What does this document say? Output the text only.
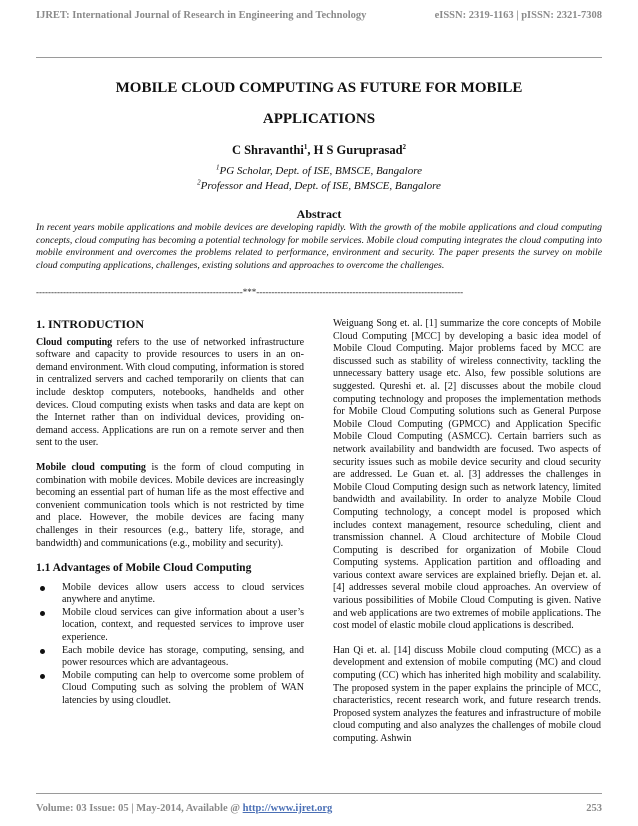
IJRET: International Journal of Research in Engineering and Technology	eISSN: 2319-1163 | pISSN: 2321-7308
MOBILE CLOUD COMPUTING AS FUTURE FOR MOBILE
APPLICATIONS
C Shravanthi$^1$, H S Guruprasad$^2$
$^1$PG Scholar, Dept. of ISE, BMSCE, Bangalore
$^2$Professor and Head, Dept. of ISE, BMSCE, Bangalore
Abstract
In recent years mobile applications and mobile devices are developing rapidly. With the growth of the mobile applications and cloud computing concepts, cloud computing has becoming a potential technology for mobile services. Mobile cloud computing integrates the cloud computing into mobile environment and overcomes the problems related to performance, environment and security. The paper presents the survey on mobile cloud computing applications, challenges, existing solutions and approaches to overcome the challenges.
---------------------------------------------------------------------***---------------------------------------------------------------------
1. INTRODUCTION

Cloud computing refers to the use of networked infrastructure software and capacity to provide resources to users in an on-demand environment. With cloud computing, information is stored in centralized servers and cached temporarily on clients that can include desktop computers, notebooks, handhelds and other devices. Cloud computing exists when tasks and data are kept on the Internet rather than on individual devices, providing on-demand access. Applications are run on a remote server and then sent to the user.

Mobile cloud computing is the form of cloud computing in combination with mobile devices. Mobile devices are increasingly becoming an essential part of human life as the most effective and convenient communication tools which is not restricted by time and place. However, the mobile devices are facing many challenges in their resources (e.g., battery life, storage, and bandwidth) and communications (e.g., mobility and security).

1.1 Advantages of Mobile Cloud Computing
Mobile devices allow users access to cloud services anywhere and anytime.
Mobile cloud services can give information about a user’s location, context, and requested services to improve user experience.
Each mobile device has storage, computing, sensing, and power resources which are advantageous.
Mobile computing can help to overcome some problem of Cloud Computing such as solving the problem of WAN latencies by using cloudlet.

Weiguang Song et. al. [1] summarize the core concepts of Mobile Cloud Computing [MCC] by developing a basic idea model of Mobile Cloud Computing. Major problems faced by MCC are discussed such as stability of wireless connectivity, tackling the unnecessary battery usage etc. Also, few possible solutions are suggested. Qureshi et. al. [2] discusses about the mobile cloud computing technology and proposes the implementation methods for Mobile Cloud Computing solutions such as General Purpose Mobile Cloud Computing (GPMCC) and Application Specific Mobile Cloud Computing (ASMCC). Certain barriers such as network availability and bandwidth are focused. Two aspects of security issues such as mobile device security and cloud security are addressed. Le Guan et. al. [3] addresses the challenges in Mobile Cloud Computing design such as network latency, limited bandwidth and availability. In order to analyze Mobile Cloud Computing technology, a concept model is proposed which includes context management, resource scheduling, client and transmission channel. A Cloud architecture of Mobile Cloud Computing is described for organization of Mobile Cloud Computing systems. Application partition and offloading and various context aware services are explained briefly. Dejan et. al. [4] addresses several mobile cloud approaches. An overview of various possibilities of Mobile Cloud Computing is given. Native and web applications are two extremes of mobile applications. The cost model of elastic mobile cloud applications is described.

Han Qi et. al. [14] discuss Mobile cloud computing (MCC) as a development and extension of mobile computing (MC) and cloud computing (CC) which has inherited high mobility and scalability. The proposed system in the paper explains the principle of MCC, characteristics, recent research work, and future research trends. Proposed system analyzes the features and infrastructure of mobile cloud computing and also analyzes the challenges of mobile cloud computing. Ashwin

Volume: 03 Issue: 05 | May-2014, Available @ http://www.ijret.org	253
